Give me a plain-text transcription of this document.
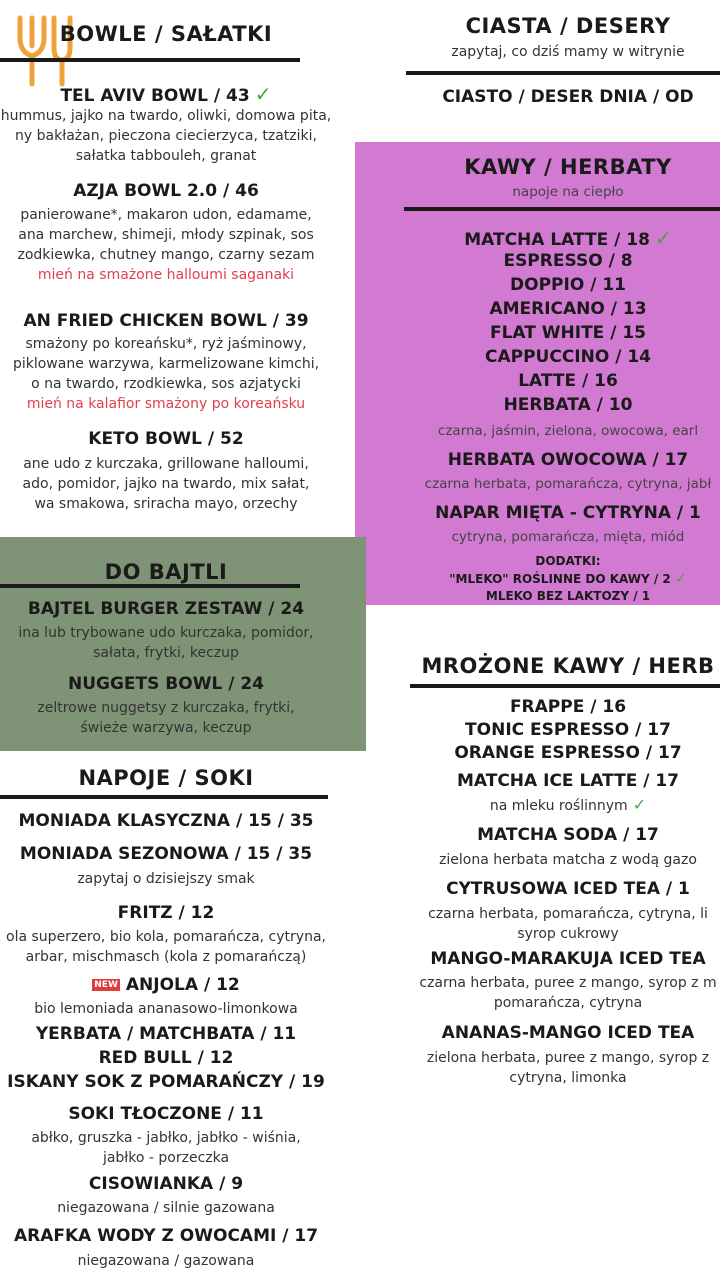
BOWLE / SAŁATKI
TEL AVIV BOWL / 43 ✓
hummus, jajko na twardo, oliwki, domowa pita,
ny bakłażan, pieczona ciecierzyca, tzatziki,
sałatka tabbouleh, granat
AZJA BOWL 2.0 / 46
panierowane*, makaron udon, edamame,
ana marchew, shimeji, młody szpinak, sos
zodkiewka, chutney mango, czarny sezam
mień na smażone halloumi saganaki
AN FRIED CHICKEN BOWL / 39
smażony po koreańsku*, ryż jaśminowy,
piklowane warzywa, karmelizowane kimchi,
o na twardo, rzodkiewka, sos azjatycki
mień na kalafior smażony po koreańsku
KETO BOWL / 52
ane udo z kurczaka, grillowane halloumi,
ado, pomidor, jajko na twardo, mix sałat,
wa smakowa, sriracha mayo, orzechy
DO BAJTLI
BAJTEL BURGER ZESTAW / 24
ina lub trybowane udo kurczaka, pomidor,
sałata, frytki, keczup
NUGGETS BOWL / 24
zeltrowe nuggetsy z kurczaka, frytki,
świeże warzywa, keczup
NAPOJE / SOKI
MONIADA KLASYCZNA / 15 / 35
MONIADA SEZONOWA / 15 / 35
zapytaj o dzisiejszy smak
FRITZ / 12
ola superzero, bio kola, pomarańcza, cytryna,
arbar, mischmasch (kola z pomarańczą)
NEW ANJOLA / 12
bio lemoniada ananasowo-limonkowa
YERBATA / MATCHBATA / 11
RED BULL / 12
ISKANY SOK Z POMARAŃCZY / 19
SOKI TŁOCZONE / 11
abłko, gruszka - jabłko, jabłko - wiśnia,
jabłko - porzeczka
CISOWIANKA / 9
niegazowana / silnie gazowana
ARAFKA WODY Z OWOCAMI / 17
niegazowana / gazowana
CIASTA / DESERY
zapytaj, co dziś mamy w witrynie
CIASTO / DESER DNIA / OD
KAWY / HERBATY
napoje na ciepło
MATCHA LATTE / 18 ✓
ESPRESSO / 8
DOPPIO / 11
AMERICANO / 13
FLAT WHITE / 15
CAPPUCCINO / 14
LATTE / 16
HERBATA / 10
czarna, jaśmin, zielona, owocowa, earl
HERBATA OWOCOWA / 17
czarna herbata, pomarańcza, cytryna, jabł
NAPAR MIĘTA - CYTRYNA / 1
cytryna, pomarańcza, mięta, miód
DODATKI:
"MLEKO" ROŚLINNE DO KAWY / 2 ✓
MLEKO BEZ LAKTOZY / 1
MROŻONE KAWY / HERB
FRAPPE / 16
TONIC ESPRESSO / 17
ORANGE ESPRESSO / 17
MATCHA ICE LATTE / 17
na mleku roślinnym ✓
MATCHA SODA / 17
zielona herbata matcha z wodą gazo
CYTRUSOWA ICED TEA / 1
czarna herbata, pomarańcza, cytryna, li
syrop cukrowy
MANGO-MARAKUJA ICED TEA
czarna herbata, puree z mango, syrop z m
pomarańcza, cytryna
ANANAS-MANGO ICED TEA
zielona herbata, puree z mango, syrop z
cytryna, limonka
